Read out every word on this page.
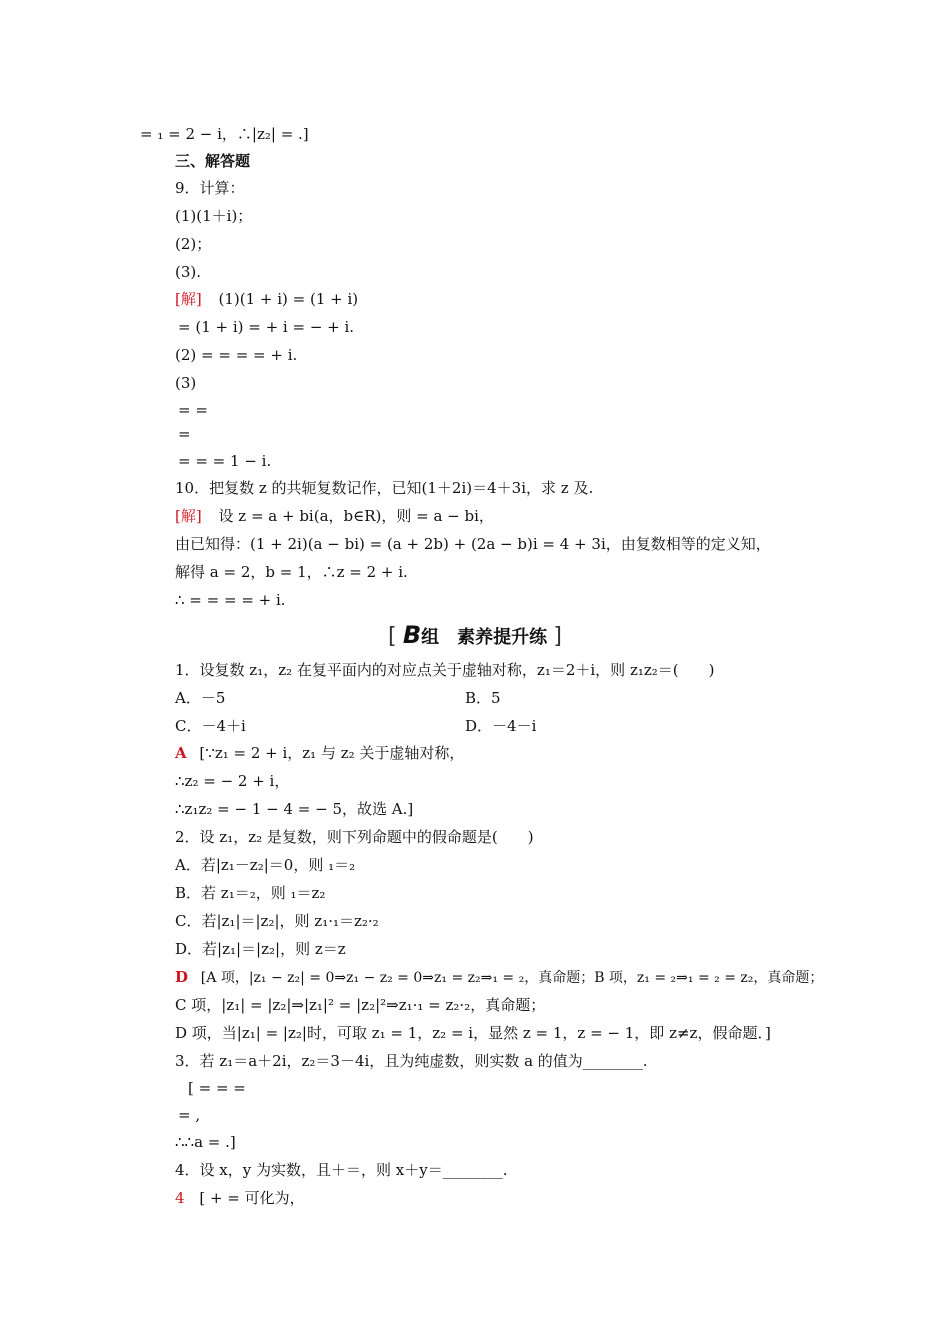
= ₁ = 2 − i，∴|z₂| = .]
三、解答题
9．计算：
(1)(1＋i)；
(2)；
(3).
[解] (1)(1 + i) = (1 + i)
= (1 + i) = + i = − + i.
(2) = = = = + i.
(3)
= =
=
= = = 1 − i.
10．把复数 z 的共轭复数记作，已知(1＋2i)＝4＋3i，求 z 及.
[解] 设 z = a + bi(a，b∈R)，则 = a − bi，
由已知得：(1 + 2i)(a − bi) = (a + 2b) + (2a − b)i = 4 + 3i，由复数相等的定义知，
解得 a = 2，b = 1，∴z = 2 + i.
∴ = = = = + i.
[ B组　素养提升练 ]
1．设复数 z₁，z₂ 在复平面内的对应点关于虚轴对称，z₁＝2＋i，则 z₁z₂＝(　　)
A．－5	B．5
C．－4＋i	D．－4－i
A [∵z₁ = 2 + i，z₁ 与 z₂ 关于虚轴对称，
∴z₂ = − 2 + i，
∴z₁z₂ = − 1 − 4 = − 5，故选 A.]
2．设 z₁，z₂ 是复数，则下列命题中的假命题是(　　)
A．若|z₁－z₂|＝0，则 ₁＝₂
B．若 z₁＝₂，则 ₁＝z₂
C．若|z₁|＝|z₂|，则 z₁·₁＝z₂·₂
D．若|z₁|＝|z₂|，则 z＝z
D [A 项，|z₁ − z₂| = 0⇒z₁ − z₂ = 0⇒z₁ = z₂⇒₁ = ₂，真命题；B 项，z₁ = ₂⇒₁ = ₂ = z₂，真命题；
C 项，|z₁| = |z₂|⇒|z₁|² = |z₂|²⇒z₁·₁ = z₂·₂，真命题；
D 项，当|z₁| = |z₂|时，可取 z₁ = 1，z₂ = i，显然 z = 1，z = − 1，即 z≠z，假命题．]
3．若 z₁＝a＋2i，z₂＝3－4i，且为纯虚数，则实数 a 的值为________.
[ = = =
= ,
∴∴a = .]
4．设 x，y 为实数，且＋＝，则 x＋y＝________.
4 [ + = 可化为，
